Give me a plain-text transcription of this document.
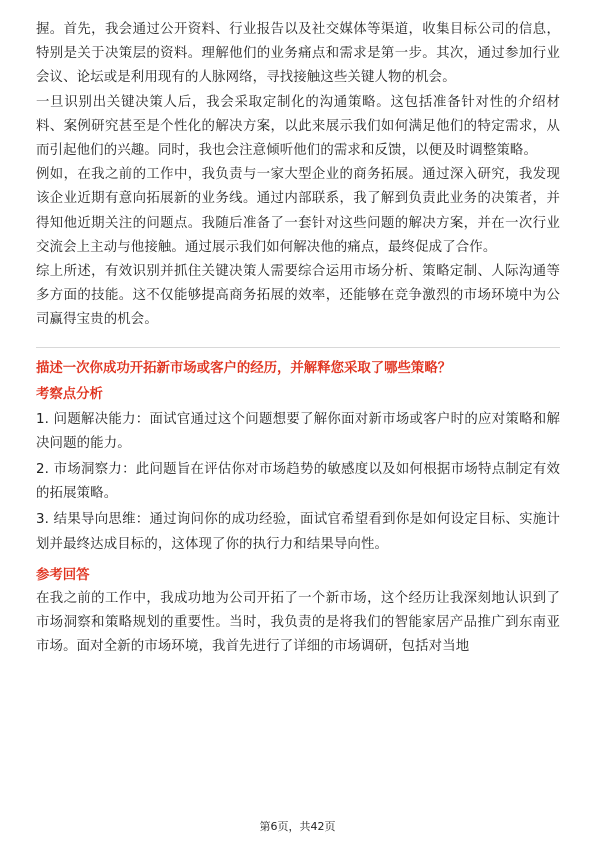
握。首先，我会通过公开资料、行业报告以及社交媒体等渠道，收集目标公司的信息，特别是关于决策层的资料。理解他们的业务痛点和需求是第一步。其次，通过参加行业会议、论坛或是利用现有的人脉网络，寻找接触这些关键人物的机会。

一旦识别出关键决策人后，我会采取定制化的沟通策略。这包括准备针对性的介绍材料、案例研究甚至是个性化的解决方案，以此来展示我们如何满足他们的特定需求，从而引起他们的兴趣。同时，我也会注意倾听他们的需求和反馈，以便及时调整策略。

例如，在我之前的工作中，我负责与一家大型企业的商务拓展。通过深入研究，我发现该企业近期有意向拓展新的业务线。通过内部联系，我了解到负责此业务的决策者，并得知他近期关注的问题点。我随后准备了一套针对这些问题的解决方案，并在一次行业交流会上主动与他接触。通过展示我们如何解决他的痛点，最终促成了合作。

综上所述，有效识别并抓住关键决策人需要综合运用市场分析、策略定制、人际沟通等多方面的技能。这不仅能够提高商务拓展的效率，还能够在竞争激烈的市场环境中为公司赢得宝贵的机会。

描述一次你成功开拓新市场或客户的经历，并解释您采取了哪些策略？
考察点分析

1. 问题解决能力：面试官通过这个问题想要了解你面对新市场或客户时的应对策略和解决问题的能力。

2. 市场洞察力：此问题旨在评估你对市场趋势的敏感度以及如何根据市场特点制定有效的拓展策略。

3. 结果导向思维：通过询问你的成功经验，面试官希望看到你是如何设定目标、实施计划并最终达成目标的，这体现了你的执行力和结果导向性。

参考回答

在我之前的工作中，我成功地为公司开拓了一个新市场，这个经历让我深刻地认识到了市场洞察和策略规划的重要性。当时，我负责的是将我们的智能家居产品推广到东南亚市场。面对全新的市场环境，我首先进行了详细的市场调研，包括对当地

第6页，共42页
